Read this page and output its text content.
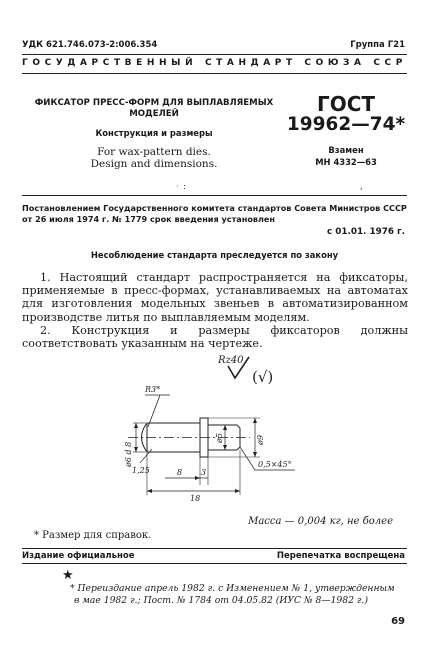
УДК 621.746.073-2:006.354	Группа Г21
ГОСУДАРСТВЕННЫЙ СТАНДАРТ СОЮЗА ССР
ФИКСАТОР ПРЕСС-ФОРМ ДЛЯ ВЫПЛАВЛЯЕМЫХ
МОДЕЛЕЙ
Конструкция и размеры
For wax-pattern dies.
Design and dimensions.
· :	,
ГОСТ
19962—74*
Взамен
МН 4332—63
Постановлением Государственного комитета стандартов Совета Министров СССР
от 26 июля 1974 г. № 1779 срок введения установлен
с 01.01. 1976 г.
Несоблюдение стандарта преследуется по закону

1. Настоящий стандарт распространяется на фиксаторы, применяемые в пресс-формах, устанавливаемых на автоматах для изготовления модельных звеньев в автоматизированном производстве литья по выплавляемым моделям.

2. Конструкция и размеры фиксаторов должны соответствовать указанным на чертеже.

Rz40
(√)
R3*
ø6 d 8
ø5	ø9
1,25	8 3
18
0,5×45°
Масса — 0,004 кг, не более
* Размер для справок.
Издание официальное	Перепечатка воспрещена
★
* Переиздание апрель 1982 г. с Изменением № 1, утвержденным
в мае 1982 г.; Пост. № 1784 от 04.05.82 (ИУС № 8—1982 г.)
69
